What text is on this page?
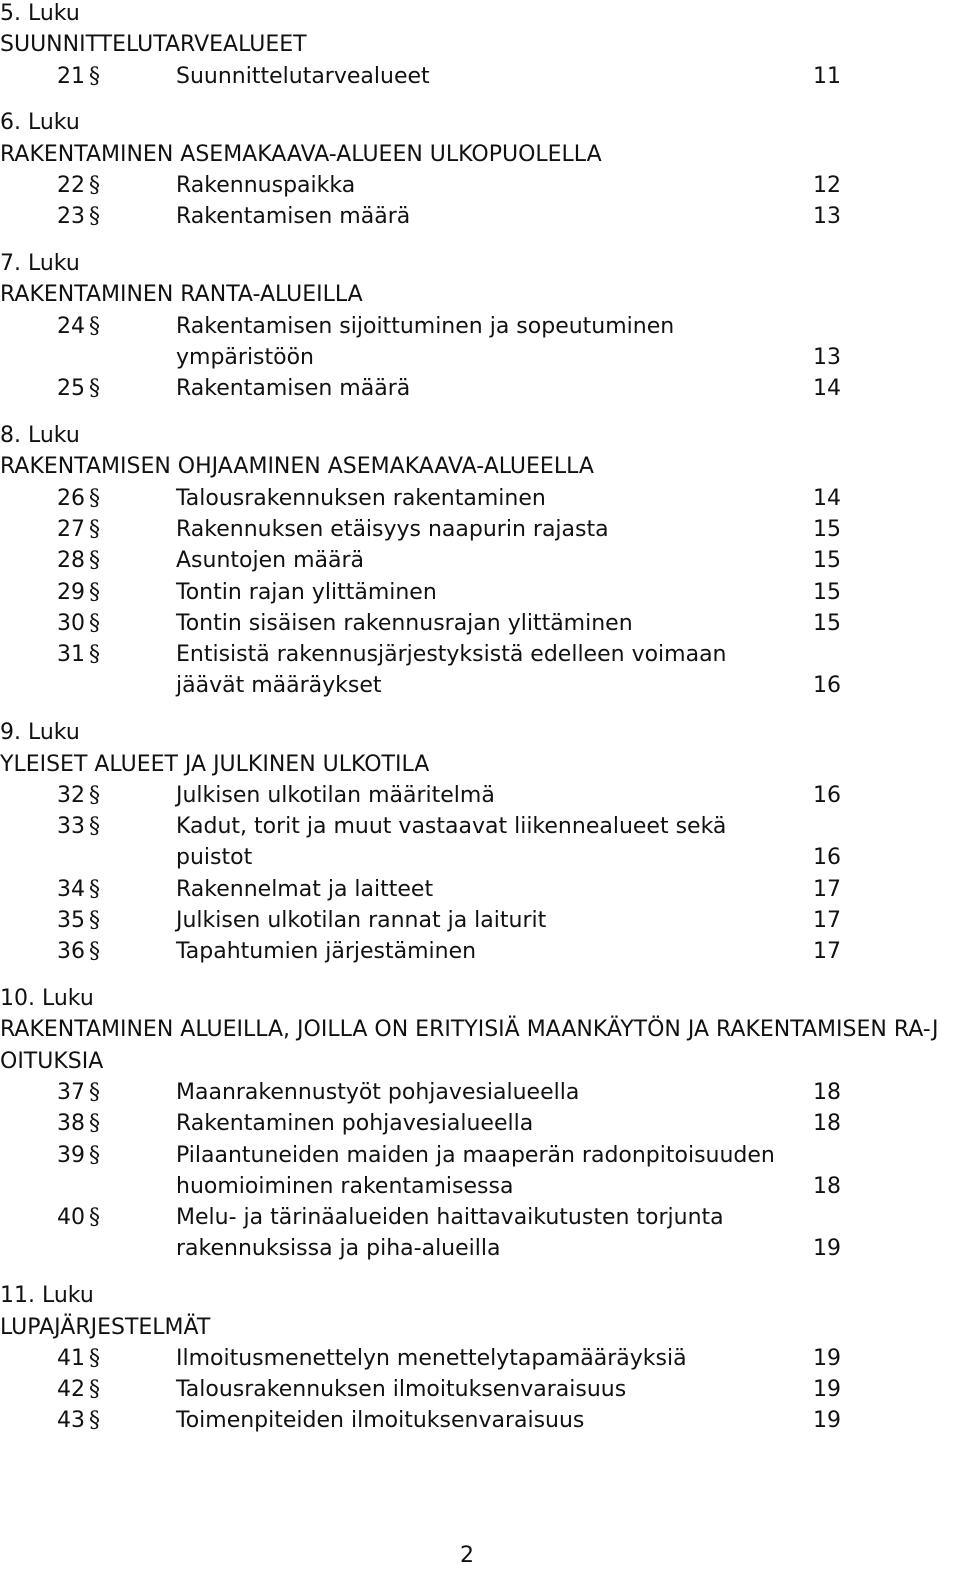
5. Luku
SUUNNITTELUTARVEALUEET
21 §	Suunnittelutarvealueet	11
6. Luku
RAKENTAMINEN ASEMAKAAVA-ALUEEN ULKOPUOLELLA
22 §	Rakennuspaikka	12
23 §	Rakentamisen määrä	13
7. Luku
RAKENTAMINEN RANTA-ALUEILLA
24 §	Rakentamisen sijoittuminen ja sopeutuminen
ympäristöön	13
25 §	Rakentamisen määrä	14
8. Luku
RAKENTAMISEN OHJAAMINEN ASEMAKAAVA-ALUEELLA
26 §	Talousrakennuksen rakentaminen	14
27 §	Rakennuksen etäisyys naapurin rajasta	15
28 §	Asuntojen määrä	15
29 §	Tontin rajan ylittäminen	15
30 §	Tontin sisäisen rakennusrajan ylittäminen	15
31 §	Entisistä rakennusjärjestyksistä edelleen voimaan
jäävät määräykset	16
9. Luku
YLEISET ALUEET JA JULKINEN ULKOTILA
32 §	Julkisen ulkotilan määritelmä	16
33 §	Kadut, torit ja muut vastaavat liikennealueet sekä
puistot	16
34 §	Rakennelmat ja laitteet	17
35 §	Julkisen ulkotilan rannat ja laiturit	17
36 §	Tapahtumien järjestäminen	17
10. Luku
RAKENTAMINEN ALUEILLA, JOILLA ON ERITYISIÄ MAANKÄYTÖN JA RAKENTAMISEN RA-JOITUKSIA
37 §	Maanrakennustyöt pohjavesialueella	18
38 §	Rakentaminen pohjavesialueella	18
39 §	Pilaantuneiden maiden ja maaperän radonpitoisuuden
huomioiminen rakentamisessa	18
40 §	Melu- ja tärinäalueiden haittavaikutusten torjunta
rakennuksissa ja piha-alueilla	19
11. Luku
LUPAJÄRJESTELMÄT
41 §	Ilmoitusmenettelyn menettelytapamääräyksiä	19
42 §	Talousrakennuksen ilmoituksenvaraisuus	19
43 §	Toimenpiteiden ilmoituksenvaraisuus	19
2
